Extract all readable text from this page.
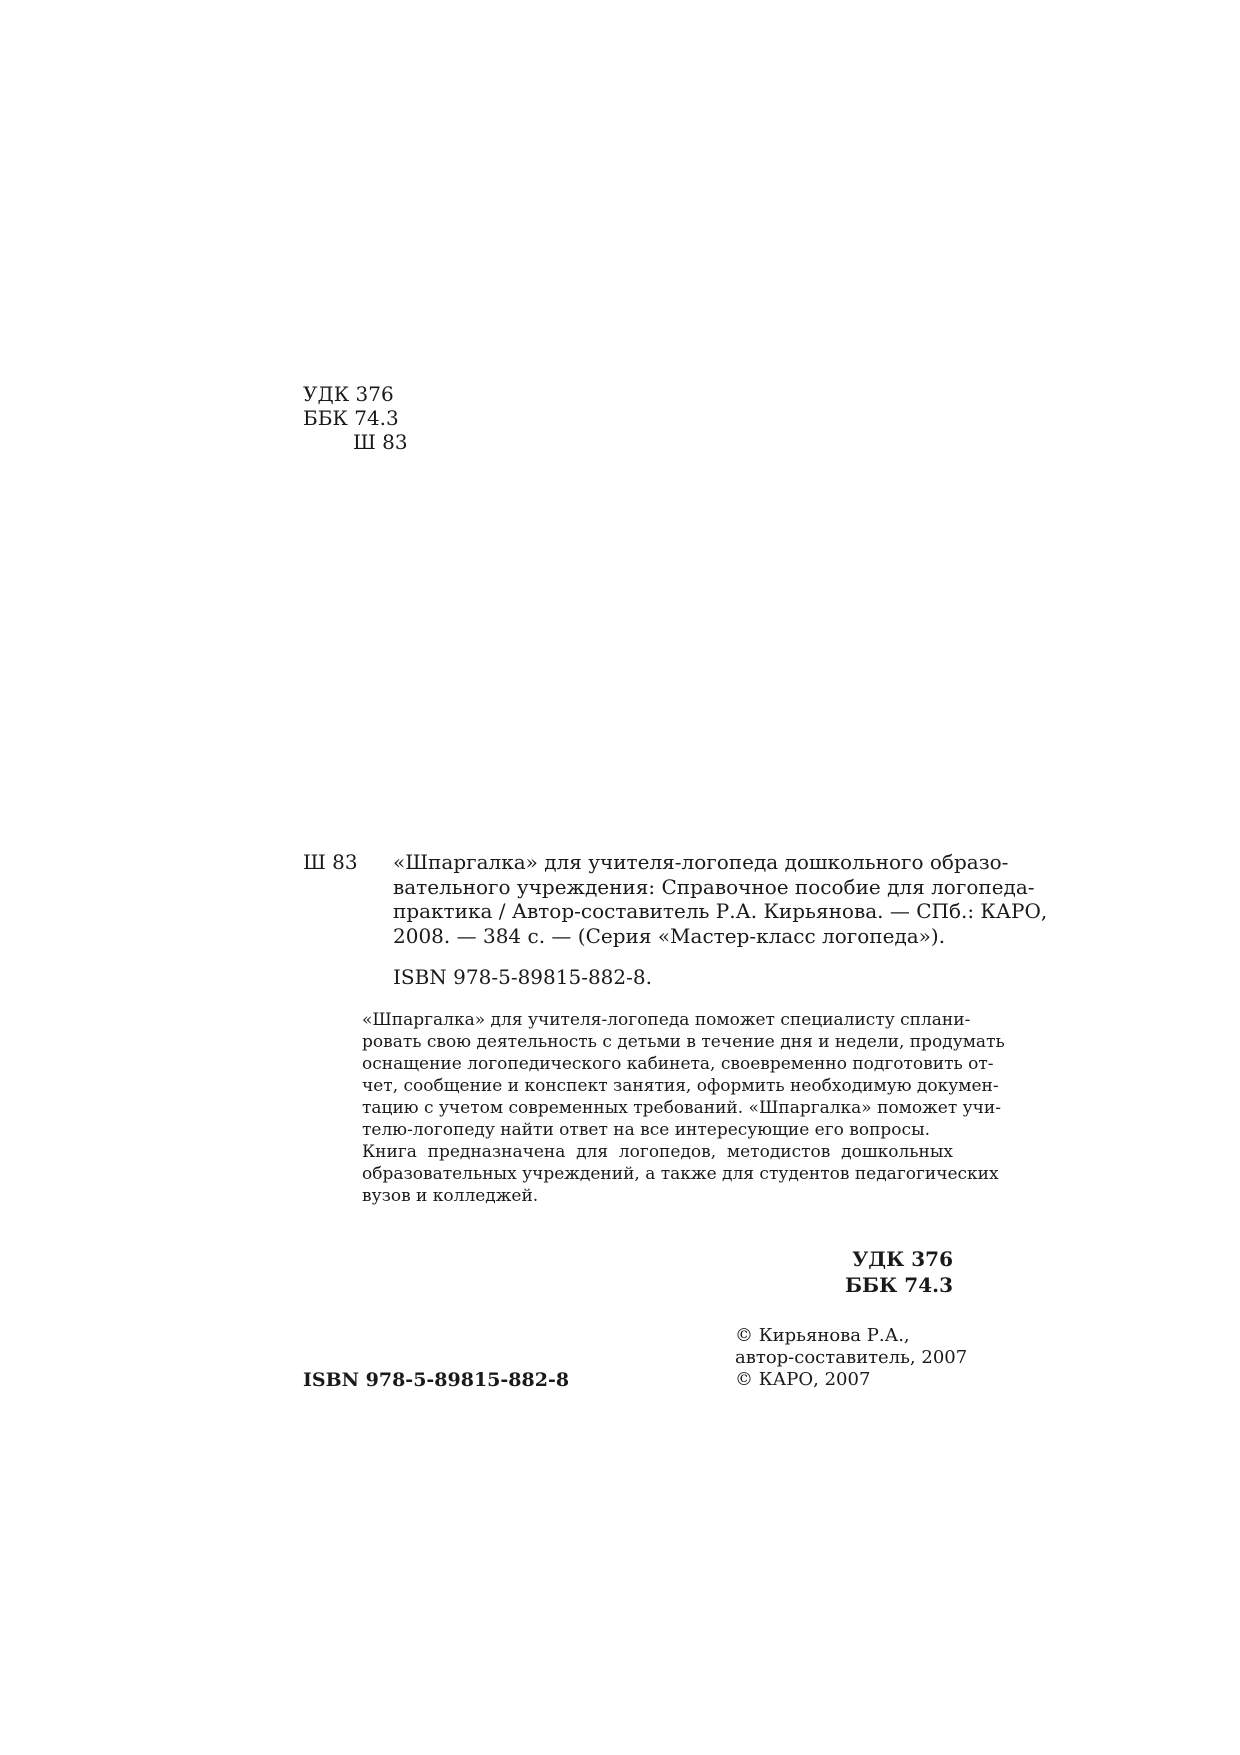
УДК 376
ББК 74.3
Ш 83
Ш 83 «Шпаргалка» для учителя-логопеда дошкольного образо-
вательного учреждения: Справочное пособие для логопеда-
практика / Автор-составитель Р.А. Кирьянова. — СПб.: КАРО,
2008. — 384 с. — (Серия «Мастер-класс логопеда»).
ISBN 978-5-89815-882-8.
«Шпаргалка» для учителя-логопеда поможет специалисту сплани-
ровать свою деятельность с детьми в течение дня и недели, продумать
оснащение логопедического кабинета, своевременно подготовить от-
чет, сообщение и конспект занятия, оформить необходимую докумен-
тацию с учетом современных требований. «Шпаргалка» поможет учи-
телю-логопеду найти ответ на все интересующие его вопросы.
Книга предназначена для логопедов, методистов дошкольных
образовательных учреждений, а также для студентов педагогических
вузов и колледжей.
УДК 376
ББК 74.3
© Кирьянова Р.А.,
автор-составитель, 2007
© КАРО, 2007
ISBN 978-5-89815-882-8
